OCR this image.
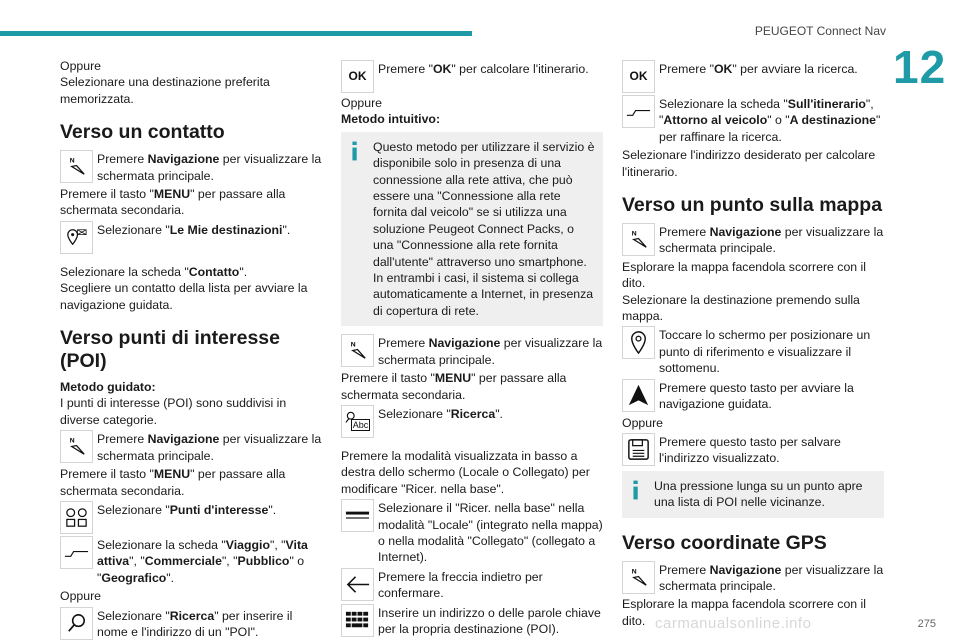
PEUGEOT Connect Nav
12

Oppure

Selezionare una destinazione preferita memorizzata.

Verso un contatto
N Premere Navigazione per visualizzare la schermata principale.

Premere il tasto "MENU" per passare alla schermata secondaria.

Selezionare "Le Mie destinazioni".

Selezionare la scheda "Contatto".

Scegliere un contatto della lista per avviare la navigazione guidata.

Verso punti di interesse (POI)

Metodo guidato:

I punti di interesse (POI) sono suddivisi in diverse categorie.

N Premere Navigazione per visualizzare la schermata principale.

Premere il tasto "MENU" per passare alla schermata secondaria.

Selezionare "Punti d'interesse".
Selezionare la scheda "Viaggio", "Vita attiva", "Commerciale", "Pubblico" o "Geografico".

Oppure

Selezionare "Ricerca" per inserire il nome e l'indirizzo di un "POI".
OK
Premere "OK" per calcolare l'itinerario.

Oppure

Metodo intuitivo:

Questo metodo per utilizzare il servizio è disponibile solo in presenza di una connessione alla rete attiva, che può essere una "Connessione alla rete fornita dal veicolo" se si utilizza una soluzione Peugeot Connect Packs, o una "Connessione alla rete fornita dall'utente" attraverso uno smartphone.
In entrambi i casi, il sistema si collega automaticamente a Internet, in presenza di copertura di rete.
N Premere Navigazione per visualizzare la schermata principale.

Premere il tasto "MENU" per passare alla schermata secondaria.

Abc
Selezionare "Ricerca".

Premere la modalità visualizzata in basso a destra dello schermo (Locale o Collegato) per modificare "Ricer. nella base".

Selezionare il "Ricer. nella base" nella modalità "Locale" (integrato nella mappa) o nella modalità "Collegato" (collegato a Internet).
Premere la freccia indietro per confermare.
Inserire un indirizzo o delle parole chiave per la propria destinazione (POI).
OK
Premere "OK" per avviare la ricerca.
Selezionare la scheda "Sull'itinerario", "Attorno al veicolo" o "A destinazione" per raffinare la ricerca.

Selezionare l'indirizzo desiderato per calcolare l'itinerario.

Verso un punto sulla mappa
N Premere Navigazione per visualizzare la schermata principale.

Esplorare la mappa facendola scorrere con il dito.

Selezionare la destinazione premendo sulla mappa.

Toccare lo schermo per posizionare un punto di riferimento e visualizzare il sottomenu.
Premere questo tasto per avviare la navigazione guidata.

Oppure

Premere questo tasto per salvare l'indirizzo visualizzato.
Una pressione lunga su un punto apre una lista di POI nelle vicinanze.
Verso coordinate GPS
N Premere Navigazione per visualizzare la schermata principale.

Esplorare la mappa facendola scorrere con il dito.	275
carmanualsonline.info
